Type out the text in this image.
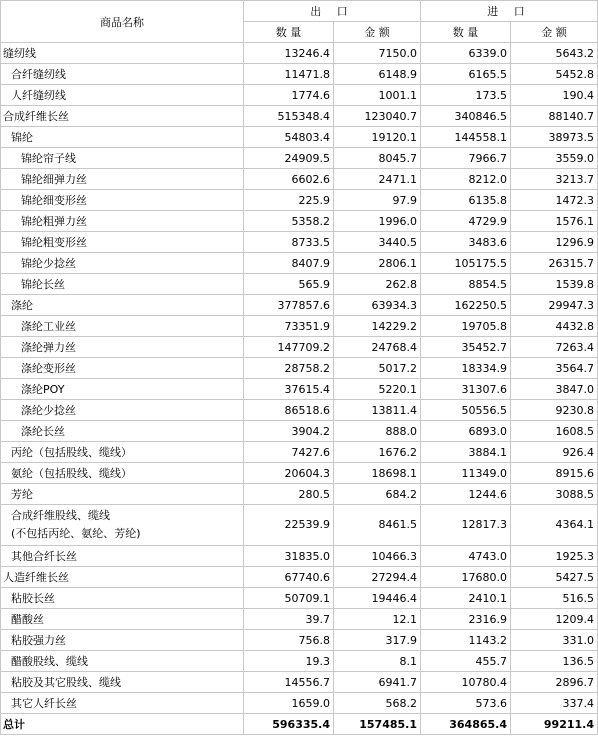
商品名称	出 口		进 口	
	数 量	金 额	数 量	金 额
缝纫线	13246.4	7150.0	6339.0	5643.2
合纤缝纫线	11471.8	6148.9	6165.5	5452.8
人纤缝纫线	1774.6	1001.1	173.5	190.4
合成纤维长丝	515348.4	123040.7	340846.5	88140.7
锦纶	54803.4	19120.1	144558.1	38973.5
锦纶帘子线	24909.5	8045.7	7966.7	3559.0
锦纶细弹力丝	6602.6	2471.1	8212.0	3213.7
锦纶细变形丝	225.9	97.9	6135.8	1472.3
锦纶粗弹力丝	5358.2	1996.0	4729.9	1576.1
锦纶粗变形丝	8733.5	3440.5	3483.6	1296.9
锦纶少捻丝	8407.9	2806.1	105175.5	26315.7
锦纶长丝	565.9	262.8	8854.5	1539.8
涤纶	377857.6	63934.3	162250.5	29947.3
涤纶工业丝	73351.9	14229.2	19705.8	4432.8
涤纶弹力丝	147709.2	24768.4	35452.7	7263.4
涤纶变形丝	28758.2	5017.2	18334.9	3564.7
涤纶POY	37615.4	5220.1	31307.6	3847.0
涤纶少捻丝	86518.6	13811.4	50556.5	9230.8
涤纶长丝	3904.2	888.0	6893.0	1608.5
丙纶（包括股线、缆线）	7427.6	1676.2	3884.1	926.4
氨纶（包括股线、缆线）	20604.3	18698.1	11349.0	8915.6
芳纶	280.5	684.2	1244.6	3088.5
合成纤维股线、缆线
(不包括丙纶、氨纶、芳纶)	22539.9	8461.5	12817.3	4364.1
其他合纤长丝	31835.0	10466.3	4743.0	1925.3
人造纤维长丝	67740.6	27294.4	17680.0	5427.5
粘胶长丝	50709.1	19446.4	2410.1	516.5
醋酸丝	39.7	12.1	2316.9	1209.4
粘胶强力丝	756.8	317.9	1143.2	331.0
醋酸股线、缆线	19.3	8.1	455.7	136.5
粘胶及其它股线、缆线	14556.7	6941.7	10780.4	2896.7
其它人纤长丝	1659.0	568.2	573.6	337.4
总计	596335.4	157485.1	364865.4	99211.4
